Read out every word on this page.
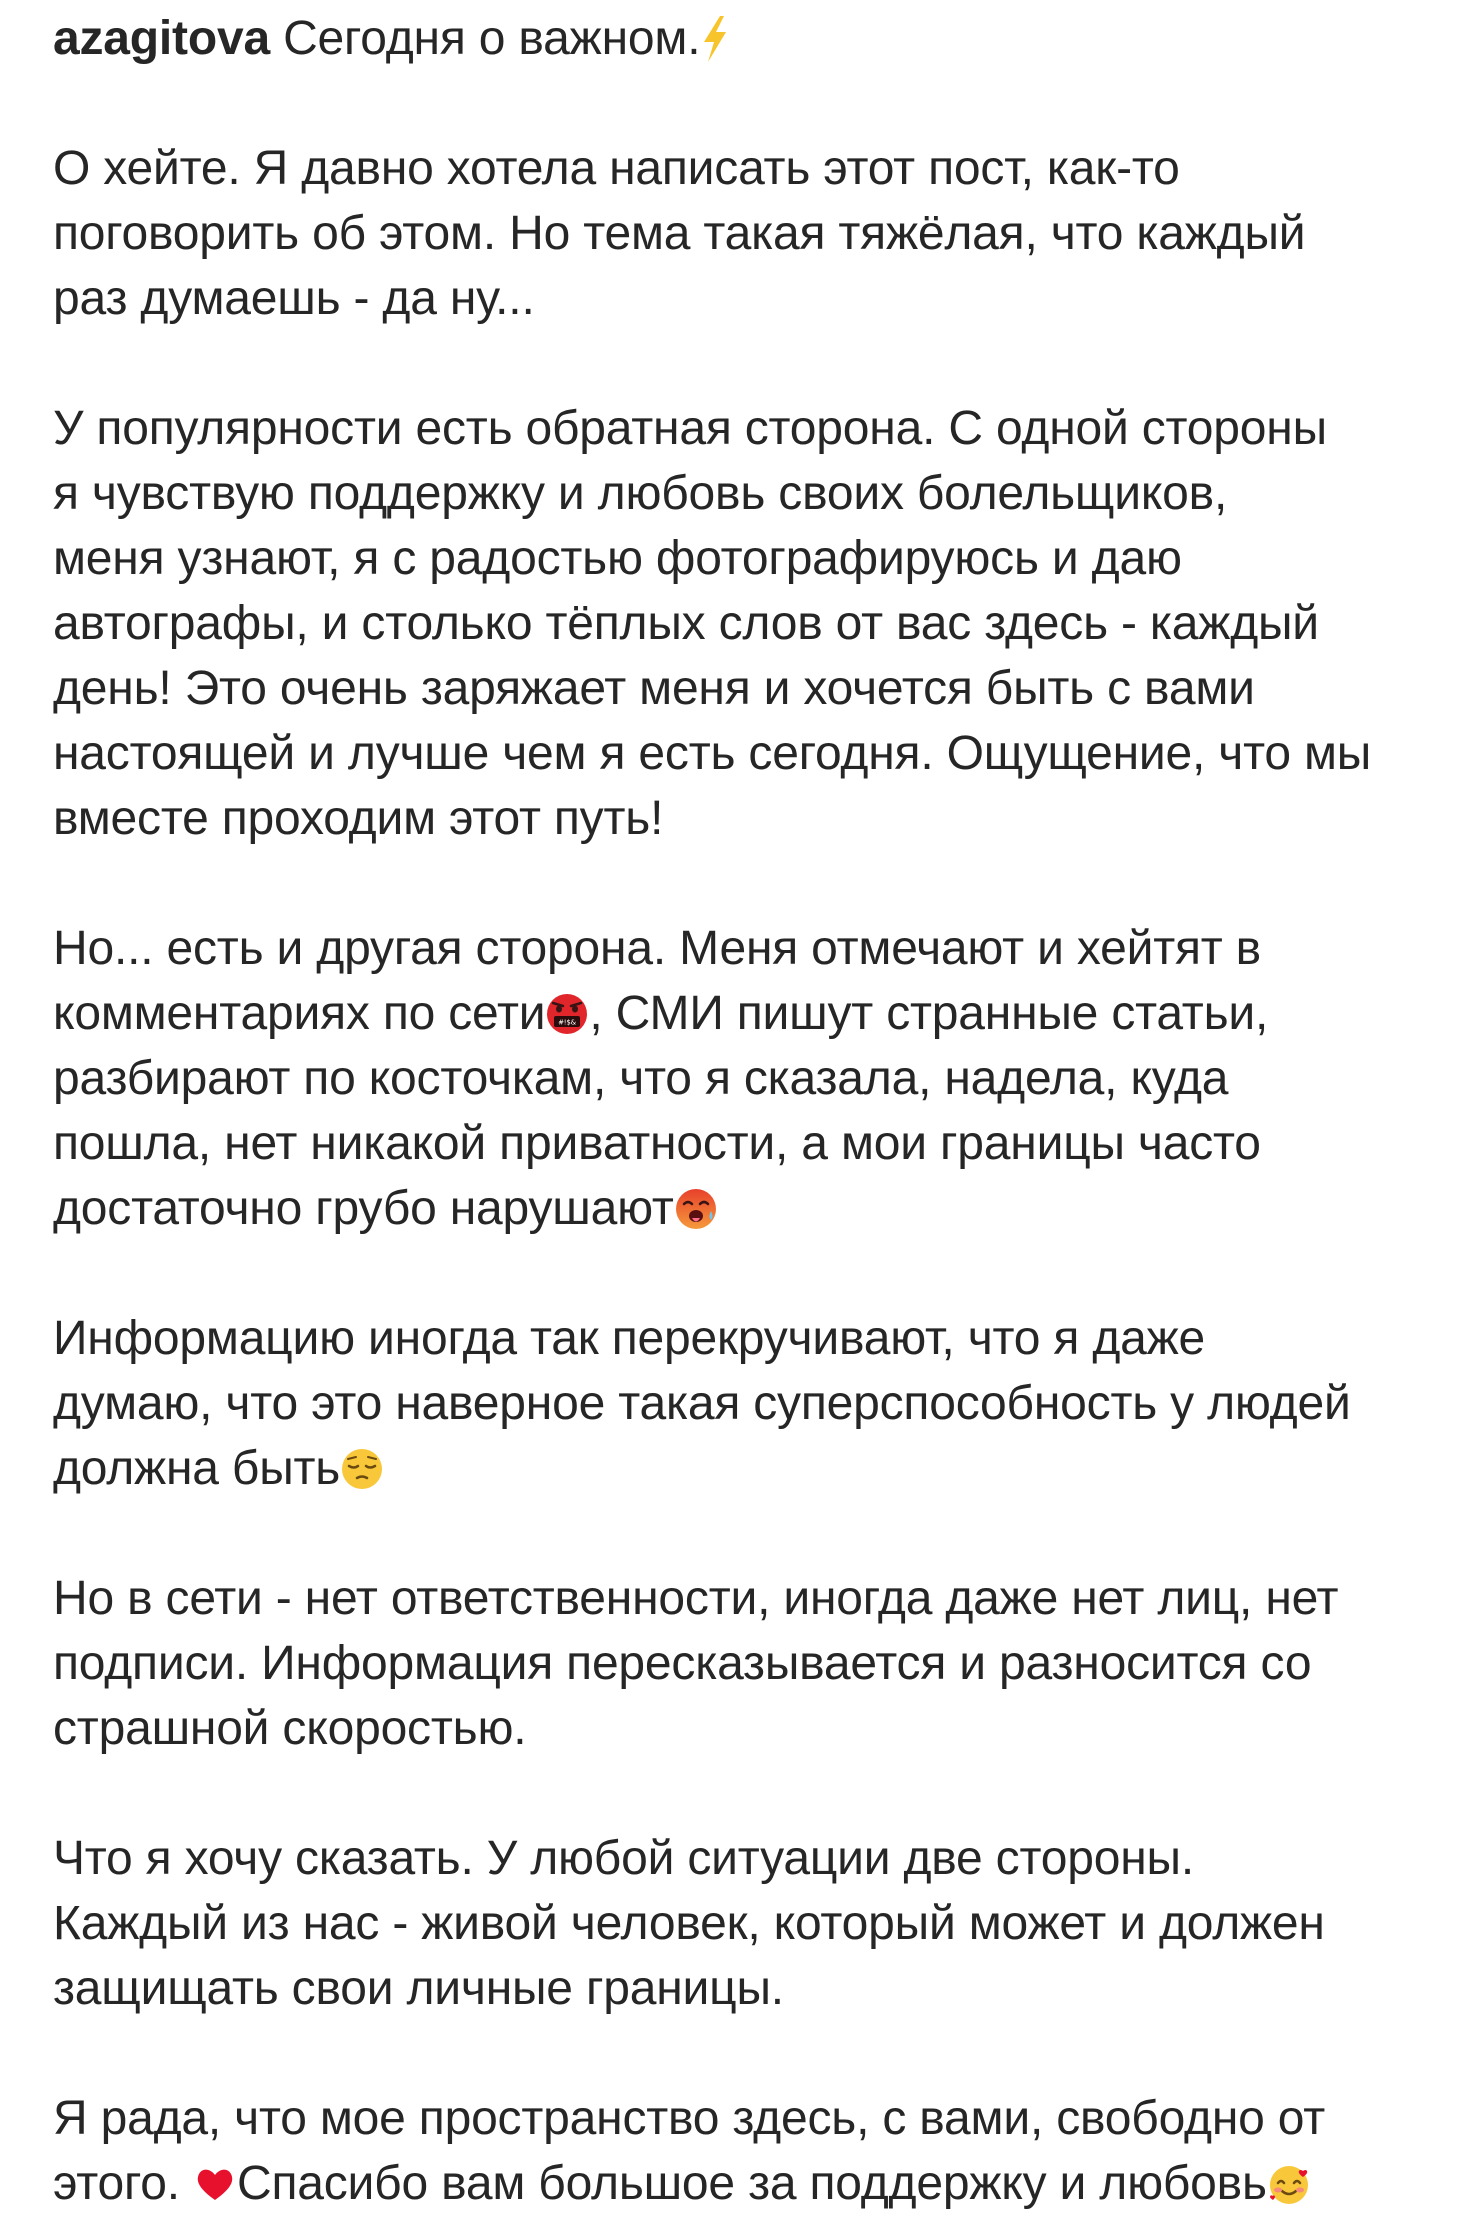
azagitova Сегодня о важном.
О хейте. Я давно хотела написать этот пост, как-то
поговорить об этом. Но тема такая тяжёлая, что каждый
раз думаешь - да ну...
У популярности есть обратная сторона. С одной стороны
я чувствую поддержку и любовь своих болельщиков,
меня узнают, я с радостью фотографируюсь и даю
автографы, и столько тёплых слов от вас здесь - каждый
день! Это очень заряжает меня и хочется быть с вами
настоящей и лучше чем я есть сегодня. Ощущение, что мы
вместе проходим этот путь!
Но... есть и другая сторона. Меня отмечают и хейтят в
комментариях по сети #!$& , СМИ пишут странные статьи,
разбирают по косточкам, что я сказала, надела, куда
пошла, нет никакой приватности, а мои границы часто
достаточно грубо нарушают
Информацию иногда так перекручивают, что я даже
думаю, что это наверное такая суперспособность у людей
должна быть
Но в сети - нет ответственности, иногда даже нет лиц, нет
подписи. Информация пересказывается и разносится со
страшной скоростью.
Что я хочу сказать. У любой ситуации две стороны.
Каждый из нас - живой человек, который может и должен
защищать свои личные границы.
Я рада, что мое пространство здесь, с вами, свободно от
этого.
Спасибо вам большое за поддержку и любовь
